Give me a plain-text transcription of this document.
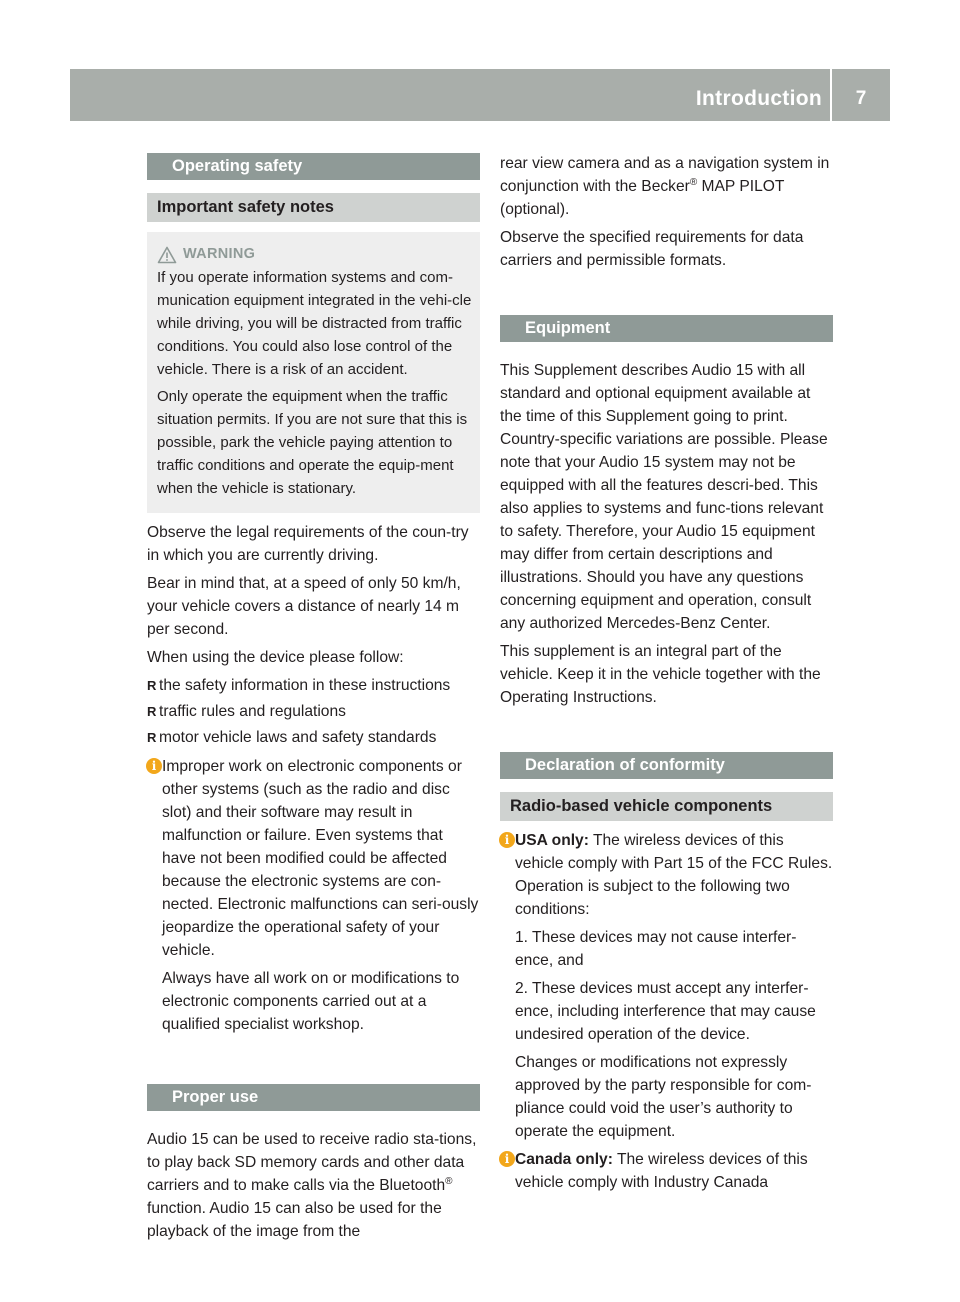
Introduction	7
Operating safety
Important safety notes
WARNING

If you operate information systems and com-munication equipment integrated in the vehi-cle while driving, you will be distracted from traffic conditions. You could also lose control of the vehicle. There is a risk of an accident.

Only operate the equipment when the traffic situation permits. If you are not sure that this is possible, park the vehicle paying attention to traffic conditions and operate the equip-ment when the vehicle is stationary.

Observe the legal requirements of the coun-try in which you are currently driving.

Bear in mind that, at a speed of only 50 km/h, your vehicle covers a distance of nearly 14 m per second.

When using the device please follow:

R the safety information in these instructions
R traffic rules and regulations
R motor vehicle laws and safety standards
i Improper work on electronic components or other systems (such as the radio and disc slot) and their software may result in malfunction or failure. Even systems that have not been modified could be affected because the electronic systems are con-nected. Electronic malfunctions can seri-ously jeopardize the operational safety of your vehicle.

Always have all work on or modifications to electronic components carried out at a qualified specialist workshop.

Proper use

Audio 15 can be used to receive radio sta-tions, to play back SD memory cards and other data carriers and to make calls via the Bluetooth® function. Audio 15 can also be used for the playback of the image from the

rear view camera and as a navigation system in conjunction with the Becker® MAP PILOT (optional).

Observe the specified requirements for data carriers and permissible formats.

Equipment

This Supplement describes Audio 15 with all standard and optional equipment available at the time of this Supplement going to print. Country-specific variations are possible. Please note that your Audio 15 system may not be equipped with all the features descri-bed. This also applies to systems and func-tions relevant to safety. Therefore, your Audio 15 equipment may differ from certain descriptions and illustrations. Should you have any questions concerning equipment and operation, consult any authorized Mercedes-Benz Center.

This supplement is an integral part of the vehicle. Keep it in the vehicle together with the Operating Instructions.

Declaration of conformity
Radio-based vehicle components
i USA only: The wireless devices of this vehicle comply with Part 15 of the FCC Rules. Operation is subject to the following two conditions:

1. These devices may not cause interfer-ence, and

2. These devices must accept any interfer-ence, including interference that may cause undesired operation of the device.

Changes or modifications not expressly approved by the party responsible for com-pliance could void the user’s authority to operate the equipment.

i Canada only: The wireless devices of this vehicle comply with Industry Canada
